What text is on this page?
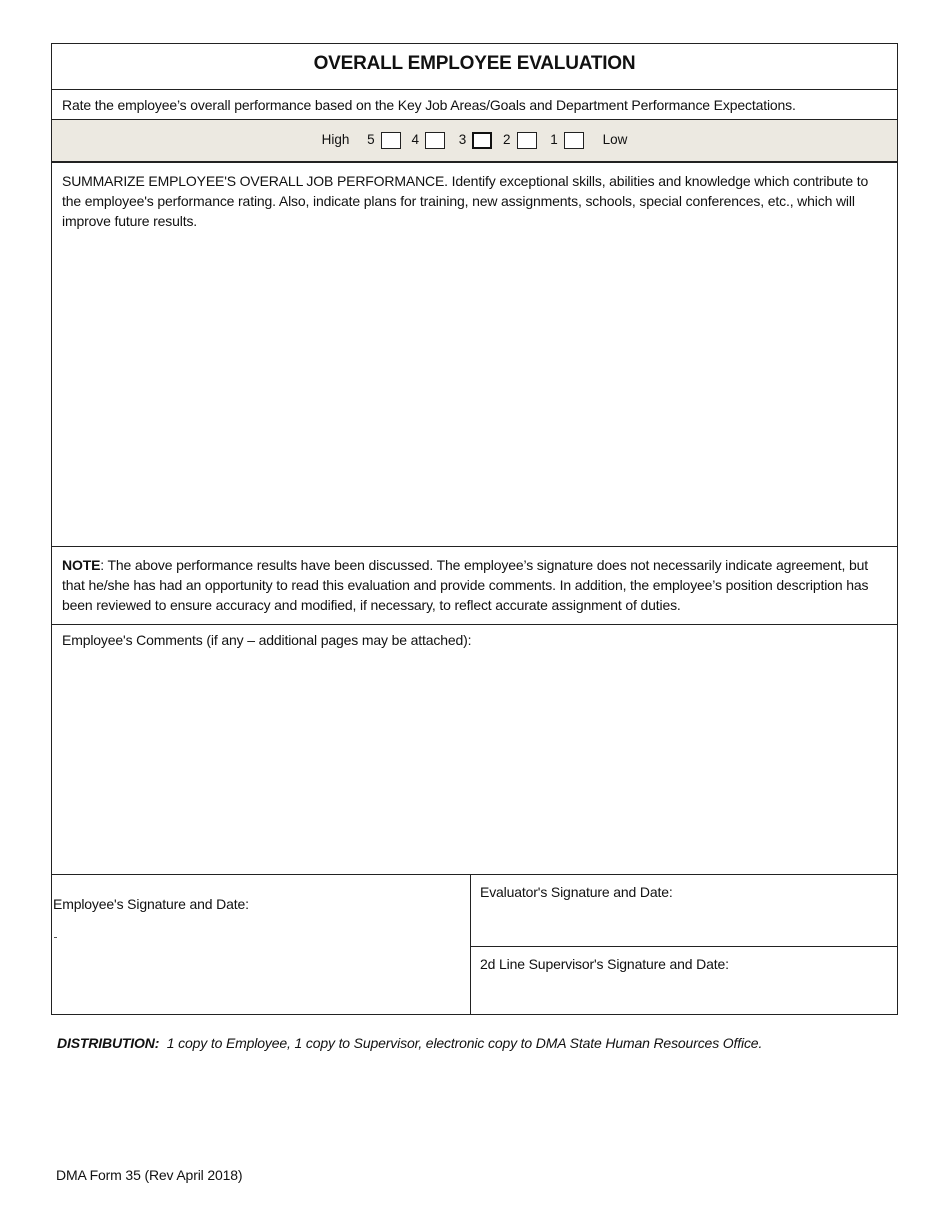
OVERALL EMPLOYEE EVALUATION
Rate the employee’s overall performance based on the Key Job Areas/Goals and Department Performance Expectations.
High 5	4	3	2	1	Low
SUMMARIZE EMPLOYEE'S OVERALL JOB PERFORMANCE. Identify exceptional skills, abilities and knowledge which contribute to the employee's performance rating. Also, indicate plans for training, new assignments, schools, special conferences, etc., which will improve future results.
NOTE: The above performance results have been discussed. The employee’s signature does not necessarily indicate agreement, but that he/she has had an opportunity to read this evaluation and provide comments. In addition, the employee’s position description has been reviewed to ensure accuracy and modified, if necessary, to reflect accurate assignment of duties.
Employee's Comments (if any – additional pages may be attached):
Employee's Signature and Date:
Evaluator's Signature and Date:
2d Line Supervisor's Signature and Date:
DISTRIBUTION:  1 copy to Employee, 1 copy to Supervisor, electronic copy to DMA State Human Resources Office.
DMA Form 35 (Rev April 2018)
